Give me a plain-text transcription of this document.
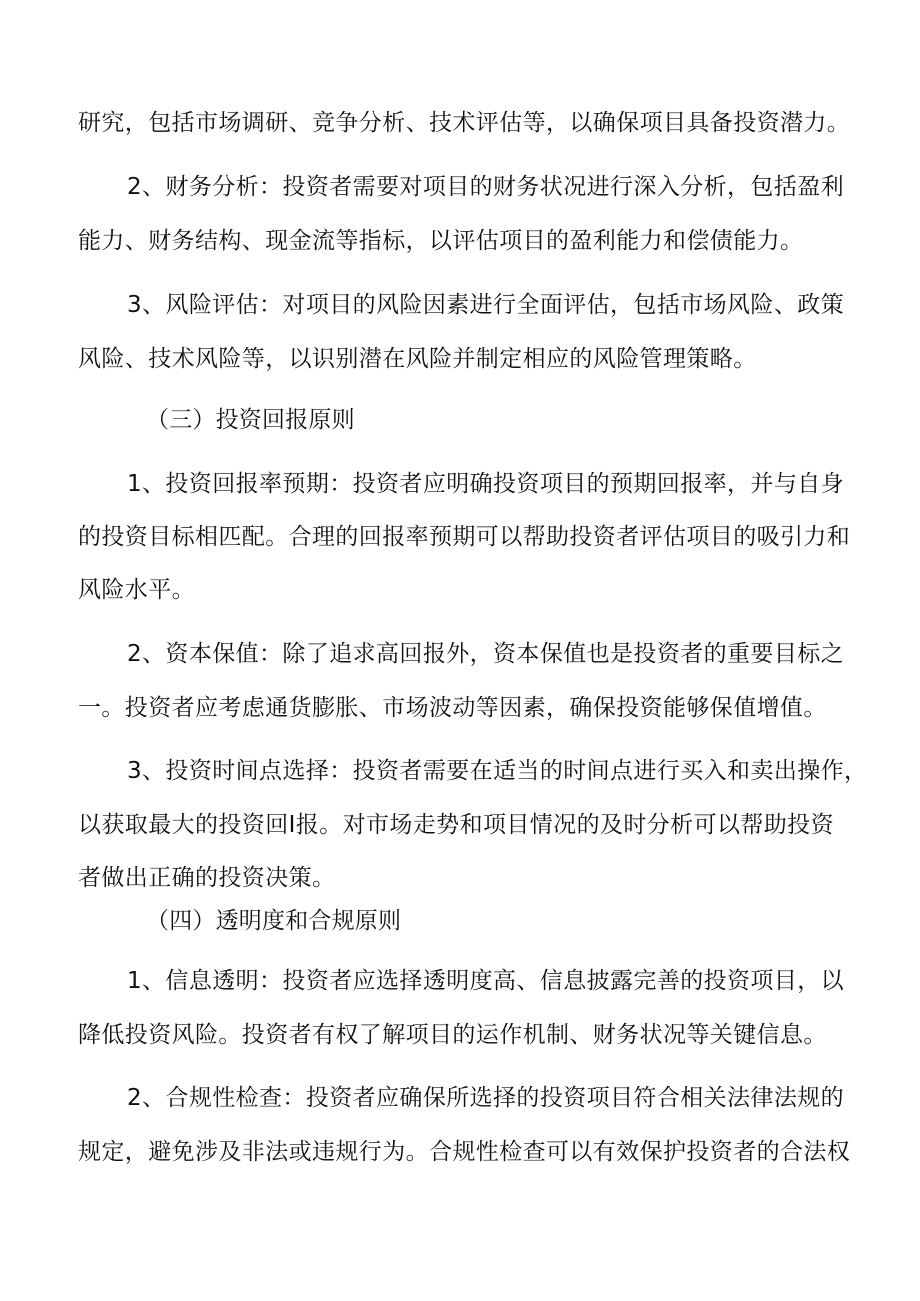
研究，包括市场调研、竞争分析、技术评估等，以确保项目具备投资潜力。
2、财务分析：投资者需要对项目的财务状况进行深入分析，包括盈利
能力、财务结构、现金流等指标，以评估项目的盈利能力和偿债能力。
3、风险评估：对项目的风险因素进行全面评估，包括市场风险、政策
风险、技术风险等，以识别潜在风险并制定相应的风险管理策略。
（三）投资回报原则
1、投资回报率预期：投资者应明确投资项目的预期回报率，并与自身
的投资目标相匹配。合理的回报率预期可以帮助投资者评估项目的吸引力和
风险水平。
2、资本保值：除了追求高回报外，资本保值也是投资者的重要目标之
一。投资者应考虑通货膨胀、市场波动等因素，确保投资能够保值增值。
3、投资时间点选择：投资者需要在适当的时间点进行买入和卖出操作，
以获取最大的投资回I报。对市场走势和项目情况的及时分析可以帮助投资
者做出正确的投资决策。
（四）透明度和合规原则
1、信息透明：投资者应选择透明度高、信息披露完善的投资项目，以
降低投资风险。投资者有权了解项目的运作机制、财务状况等关键信息。
2、合规性检查：投资者应确保所选择的投资项目符合相关法律法规的
规定，避免涉及非法或违规行为。合规性检查可以有效保护投资者的合法权
